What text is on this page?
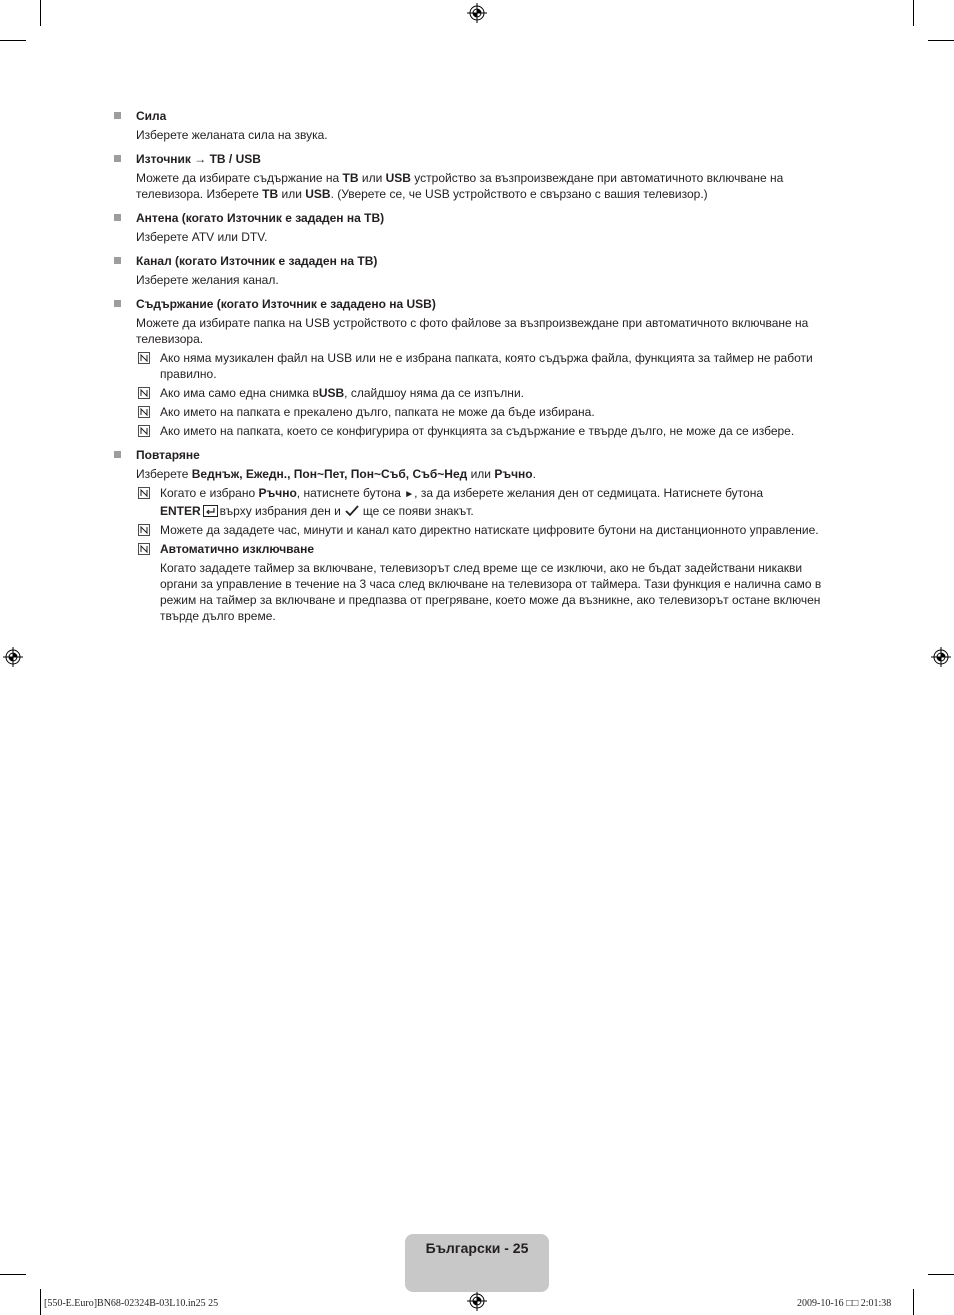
Сила
Изберете желаната сила на звука.
Източник → ТВ / USB
Можете да избирате съдържание на ТВ или USB устройство за възпроизвеждане при автоматичното включване на телевизора. Изберете ТВ или USB. (Уверете се, че USB устройството е свързано с вашия телевизор.)
Антена (когато Източник е зададен на ТВ)
Изберете ATV или DTV.
Канал (когато Източник е зададен на ТВ)
Изберете желания канал.
Съдържание (когато Източник е зададено на USB)
Можете да избирате папка на USB устройството с фото файлове за възпроизвеждане при автоматичното включване на телевизора.
Ако няма музикален файл на USB или не е избрана папката, която съдържа файла, функцията за таймер не работи правилно.
Ако има само една снимка вUSB, слайдшоу няма да се изпълни.
Ако името на папката е прекалено дълго, папката не може да бъде избирана.
Ако името на папката, което се конфигурира от функцията за съдържание е твърде дълго, не може да се избере.
Повтаряне
Изберете Веднъж, Ежедн., Пон~Пет, Пон~Съб, Съб~Нед или Ръчно.
Когато е избрано Ръчно, натиснете бутона ►, за да изберете желания ден от седмицата. Натиснете бутона
ENTER върху избрания ден и ще се появи знакът.
Можете да зададете час, минути и канал като директно натискате цифровите бутони на дистанционното управление.
Автоматично изключване
Когато зададете таймер за включване, телевизорът след време ще се изключи, ако не бъдат задействани никакви органи за управление в течение на 3 часа след включване на телевизора от таймера. Тази функция е налична само в режим на таймер за включване и предпазва от прегряване, което може да възникне, ако телевизорът остане включен твърде дълго време.
Български - 25
[550-E.Euro]BN68-02324B-03L10.in25 25	2009-10-16 □□ 2:01:38
